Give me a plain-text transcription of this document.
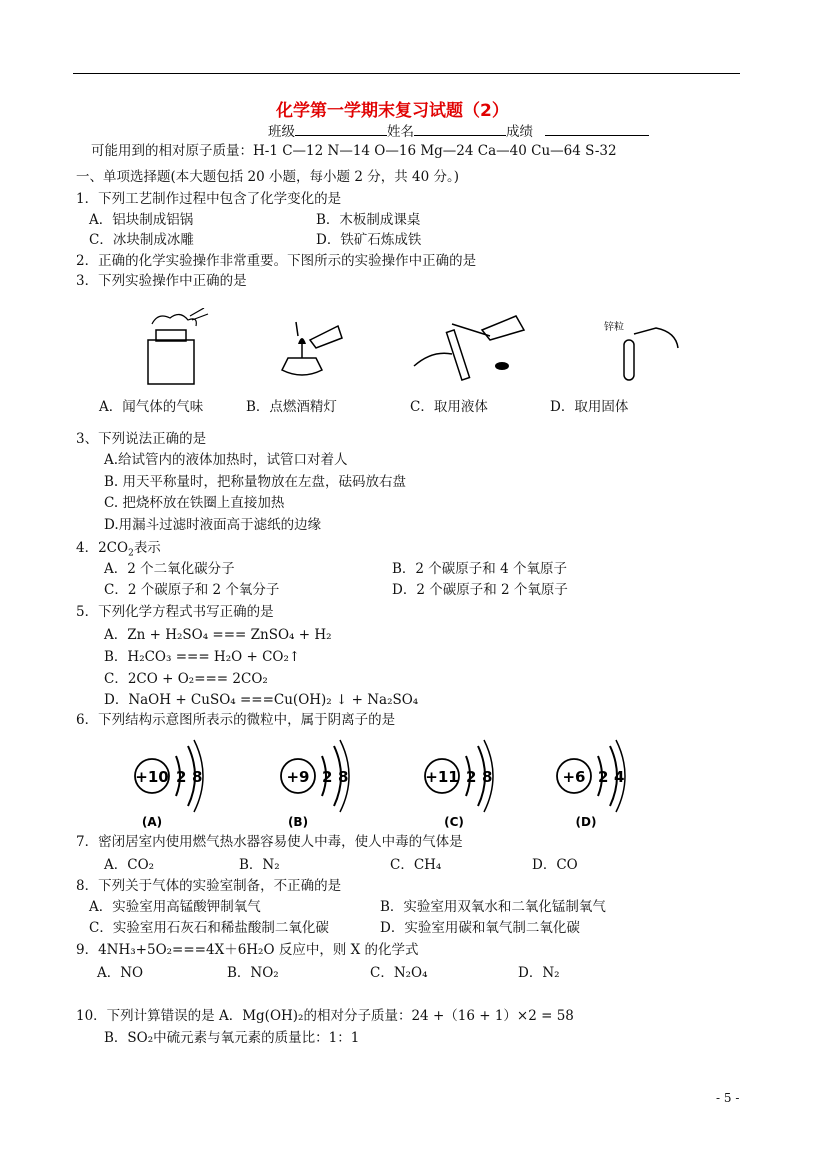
化学第一学期末复习试题（2）
班级	姓名	成绩
可能用到的相对原子质量：H-1 C—12 N—14 O—16 Mg—24 Ca—40 Cu—64 S-32
一、单项选择题(本大题包括 20 小题，每小题 2 分，共 40 分。)
1．下列工艺制作过程中包含了化学变化的是
A．铝块制成铝锅	B．木板制成课桌
C．冰块制成冰雕	D．铁矿石炼成铁
2．正确的化学实验操作非常重要。下图所示的实验操作中正确的是
3．下列实验操作中正确的是
锌粒
A．闻气体的气味	B．点燃酒精灯	C．取用液体	D．取用固体
3、下列说法正确的是
A.给试管内的液体加热时，试管口对着人
B. 用天平称量时，把称量物放在左盘，砝码放右盘
C. 把烧杯放在铁圈上直接加热
D.用漏斗过滤时液面高于滤纸的边缘
4．$2CO_2$表示
A．2 个二氧化碳分子	B．2 个碳原子和 4 个氧原子
C．2 个碳原子和 2 个氧分子	D．2 个碳原子和 2 个氧原子
5．下列化学方程式书写正确的是
A．Zn + H₂SO₄ === ZnSO₄ + H₂
B．H₂CO₃ === H₂O + CO₂↑
C．2CO + O₂=== 2CO₂
D．NaOH + CuSO₄ ===Cu(OH)₂ ↓ + Na₂SO₄
6．下列结构示意图所表示的微粒中，属于阴离子的是
+10 2 8
(A)
+9 2 8
(B)
+11 2 8
(C)
+6 2 4
(D)
7．密闭居室内使用燃气热水器容易使人中毒，使人中毒的气体是
A．CO₂	B．N₂	C．CH₄	D．CO
8．下列关于气体的实验室制备，不正确的是
A．实验室用高锰酸钾制氧气	B．实验室用双氧水和二氧化锰制氧气
C．实验室用石灰石和稀盐酸制二氧化碳	D．实验室用碳和氧气制二氧化碳
9．4NH₃+5O₂===4X＋6H₂O 反应中，则 X 的化学式
A．NO	B．NO₂	C．N₂O₄	D．N₂
10．下列计算错误的是 A．Mg(OH)₂的相对分子质量：24 +（16 + 1）×2 = 58
B．SO₂中硫元素与氧元素的质量比：1：1
- 5 -
